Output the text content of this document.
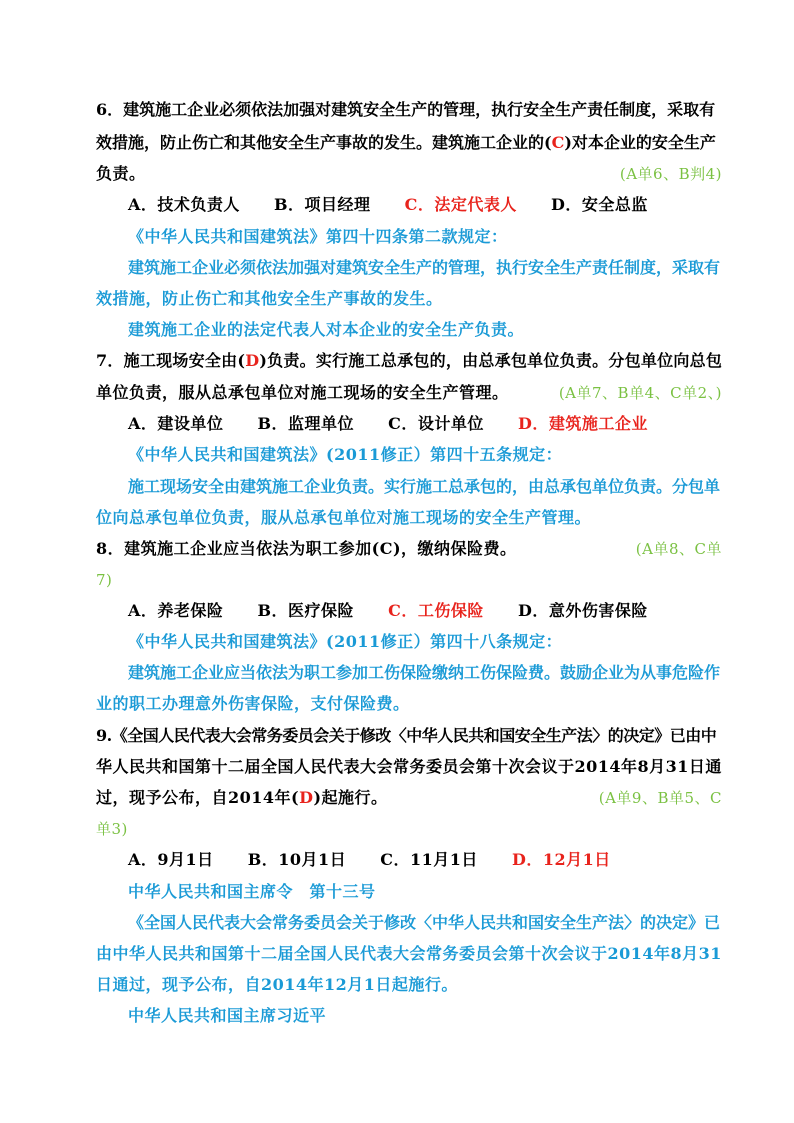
6．建筑施工企业必须依法加强对建筑安全生产的管理，执行安全生产责任制度，采取有
效措施，防止伤亡和其他安全生产事故的发生。建筑施工企业的(C)对本企业的安全生产
负责。	(A单6、B判4)
A．技术负责人 B．项目经理 C．法定代表人 D．安全总监
《中华人民共和国建筑法》第四十四条第二款规定：
建筑施工企业必须依法加强对建筑安全生产的管理，执行安全生产责任制度，采取有
效措施，防止伤亡和其他安全生产事故的发生。
建筑施工企业的法定代表人对本企业的安全生产负责。
7．施工现场安全由(D)负责。实行施工总承包的，由总承包单位负责。分包单位向总包
单位负责，服从总承包单位对施工现场的安全生产管理。	(A单7、B单4、C单2、)
A．建设单位 B．监理单位 C．设计单位 D．建筑施工企业
《中华人民共和国建筑法》(2011修正）第四十五条规定：
施工现场安全由建筑施工企业负责。实行施工总承包的，由总承包单位负责。分包单
位向总承包单位负责，服从总承包单位对施工现场的安全生产管理。
8．建筑施工企业应当依法为职工参加(C)，缴纳保险费。	(A单8、C单
7)
A．养老保险 B．医疗保险 C．工伤保险 D．意外伤害保险
《中华人民共和国建筑法》(2011修正）第四十八条规定：
建筑施工企业应当依法为职工参加工伤保险缴纳工伤保险费。鼓励企业为从事危险作
业的职工办理意外伤害保险，支付保险费。
9.《全国人民代表大会常务委员会关于修改〈中华人民共和国安全生产法〉的决定》已由中
华人民共和国第十二届全国人民代表大会常务委员会第十次会议于2014年8月31日通
过，现予公布，自2014年(D)起施行。	(A单9、B单5、C
单3)
A．9月1日 B．10月1日 C．11月1日 D．12月1日
中华人民共和国主席令　第十三号
《全国人民代表大会常务委员会关于修改〈中华人民共和国安全生产法〉的决定》已
由中华人民共和国第十二届全国人民代表大会常务委员会第十次会议于2014年8月31
日通过，现予公布，自2014年12月1日起施行。
中华人民共和国主席习近平
